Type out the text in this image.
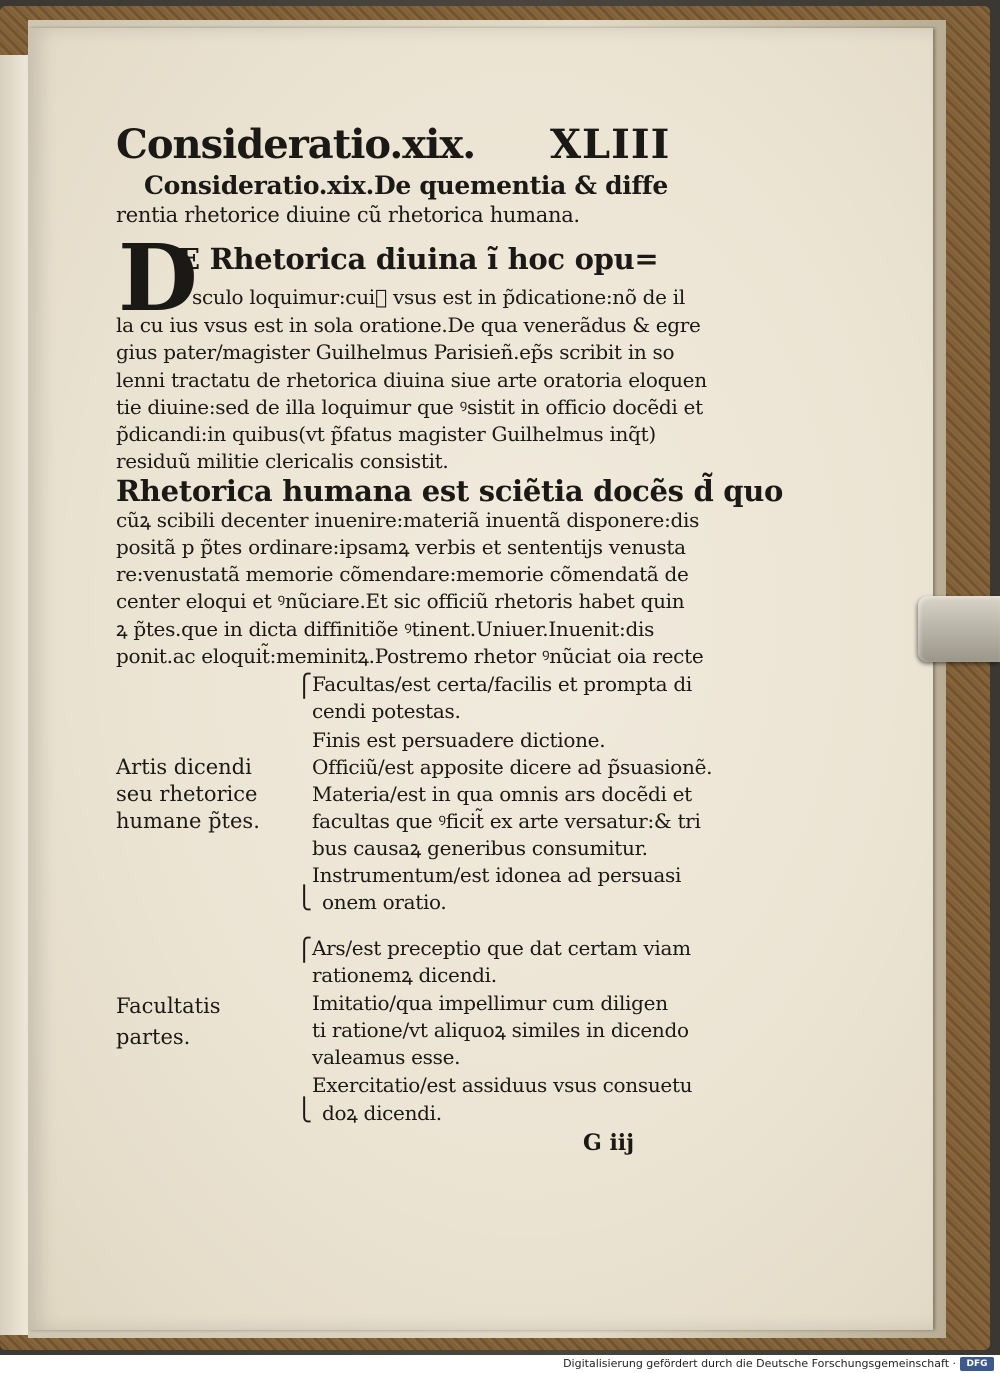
Consideratio.xix. XLIII
Consideratio.xix.De quementia & diffe
rentia rhetorice diuine cũ rhetorica humana.
D
E Rhetorica diuina ĩ hoc opu=
sculo loquimur:cui᷒ vsus est in p̃dicatione:nõ de il
la cu ius vsus est in sola oratione.De qua venerãdus & egre
gius pater/magister Guilhelmus Parisieñ.ep̃s scribit in so
lenni tractatu de rhetorica diuina siue arte oratoria eloquen
tie diuine:sed de illa loquimur que ꝰsistit in officio docẽdi et
p̃dicandi:in quibus(vt p̃fatus magister Guilhelmus inq̃t)
residuũ militie clericalis consistit.
Rhetorica humana est sciẽtia docẽs d̃ quo
cũꝝ scibili decenter inuenire:materiã inuentã disponere:dis
positã p p̃tes ordinare:ipsamꝝ verbis et sententijs venusta
re:venustatã memorie cõmendare:memorie cõmendatã de
center eloqui et ꝰnũciare.Et sic officiũ rhetoris habet quin
ꝝ p̃tes.que in dicta diffinitiõe ꝰtinent.Uniuer.Inuenit:dis
ponit.ac eloquit̃:meminitꝝ.Postremo rhetor ꝰnũciat oia recte
Artis dicendi
seu rhetorice
humane p̃tes.
⎧
⎩
Facultas/est certa/facilis et prompta di
cendi potestas.
Finis est persuadere dictione.
Officiũ/est apposite dicere ad p̃suasionẽ.
Materia/est in qua omnis ars docẽdi et
facultas que ꝰficit̃ ex arte versatur:& tri
bus causaꝝ generibus consumitur.
Instrumentum/est idonea ad persuasi
onem oratio.
Facultatis
partes.
⎧
⎩
Ars/est preceptio que dat certam viam
rationemꝝ dicendi.
Imitatio/qua impellimur cum diligen
ti ratione/vt aliquoꝝ similes in dicendo
valeamus esse.
Exercitatio/est assiduus vsus consuetu
doꝝ dicendi.
G iij
Digitalisierung gefördert durch die Deutsche Forschungsgemeinschaft ·	DFG
